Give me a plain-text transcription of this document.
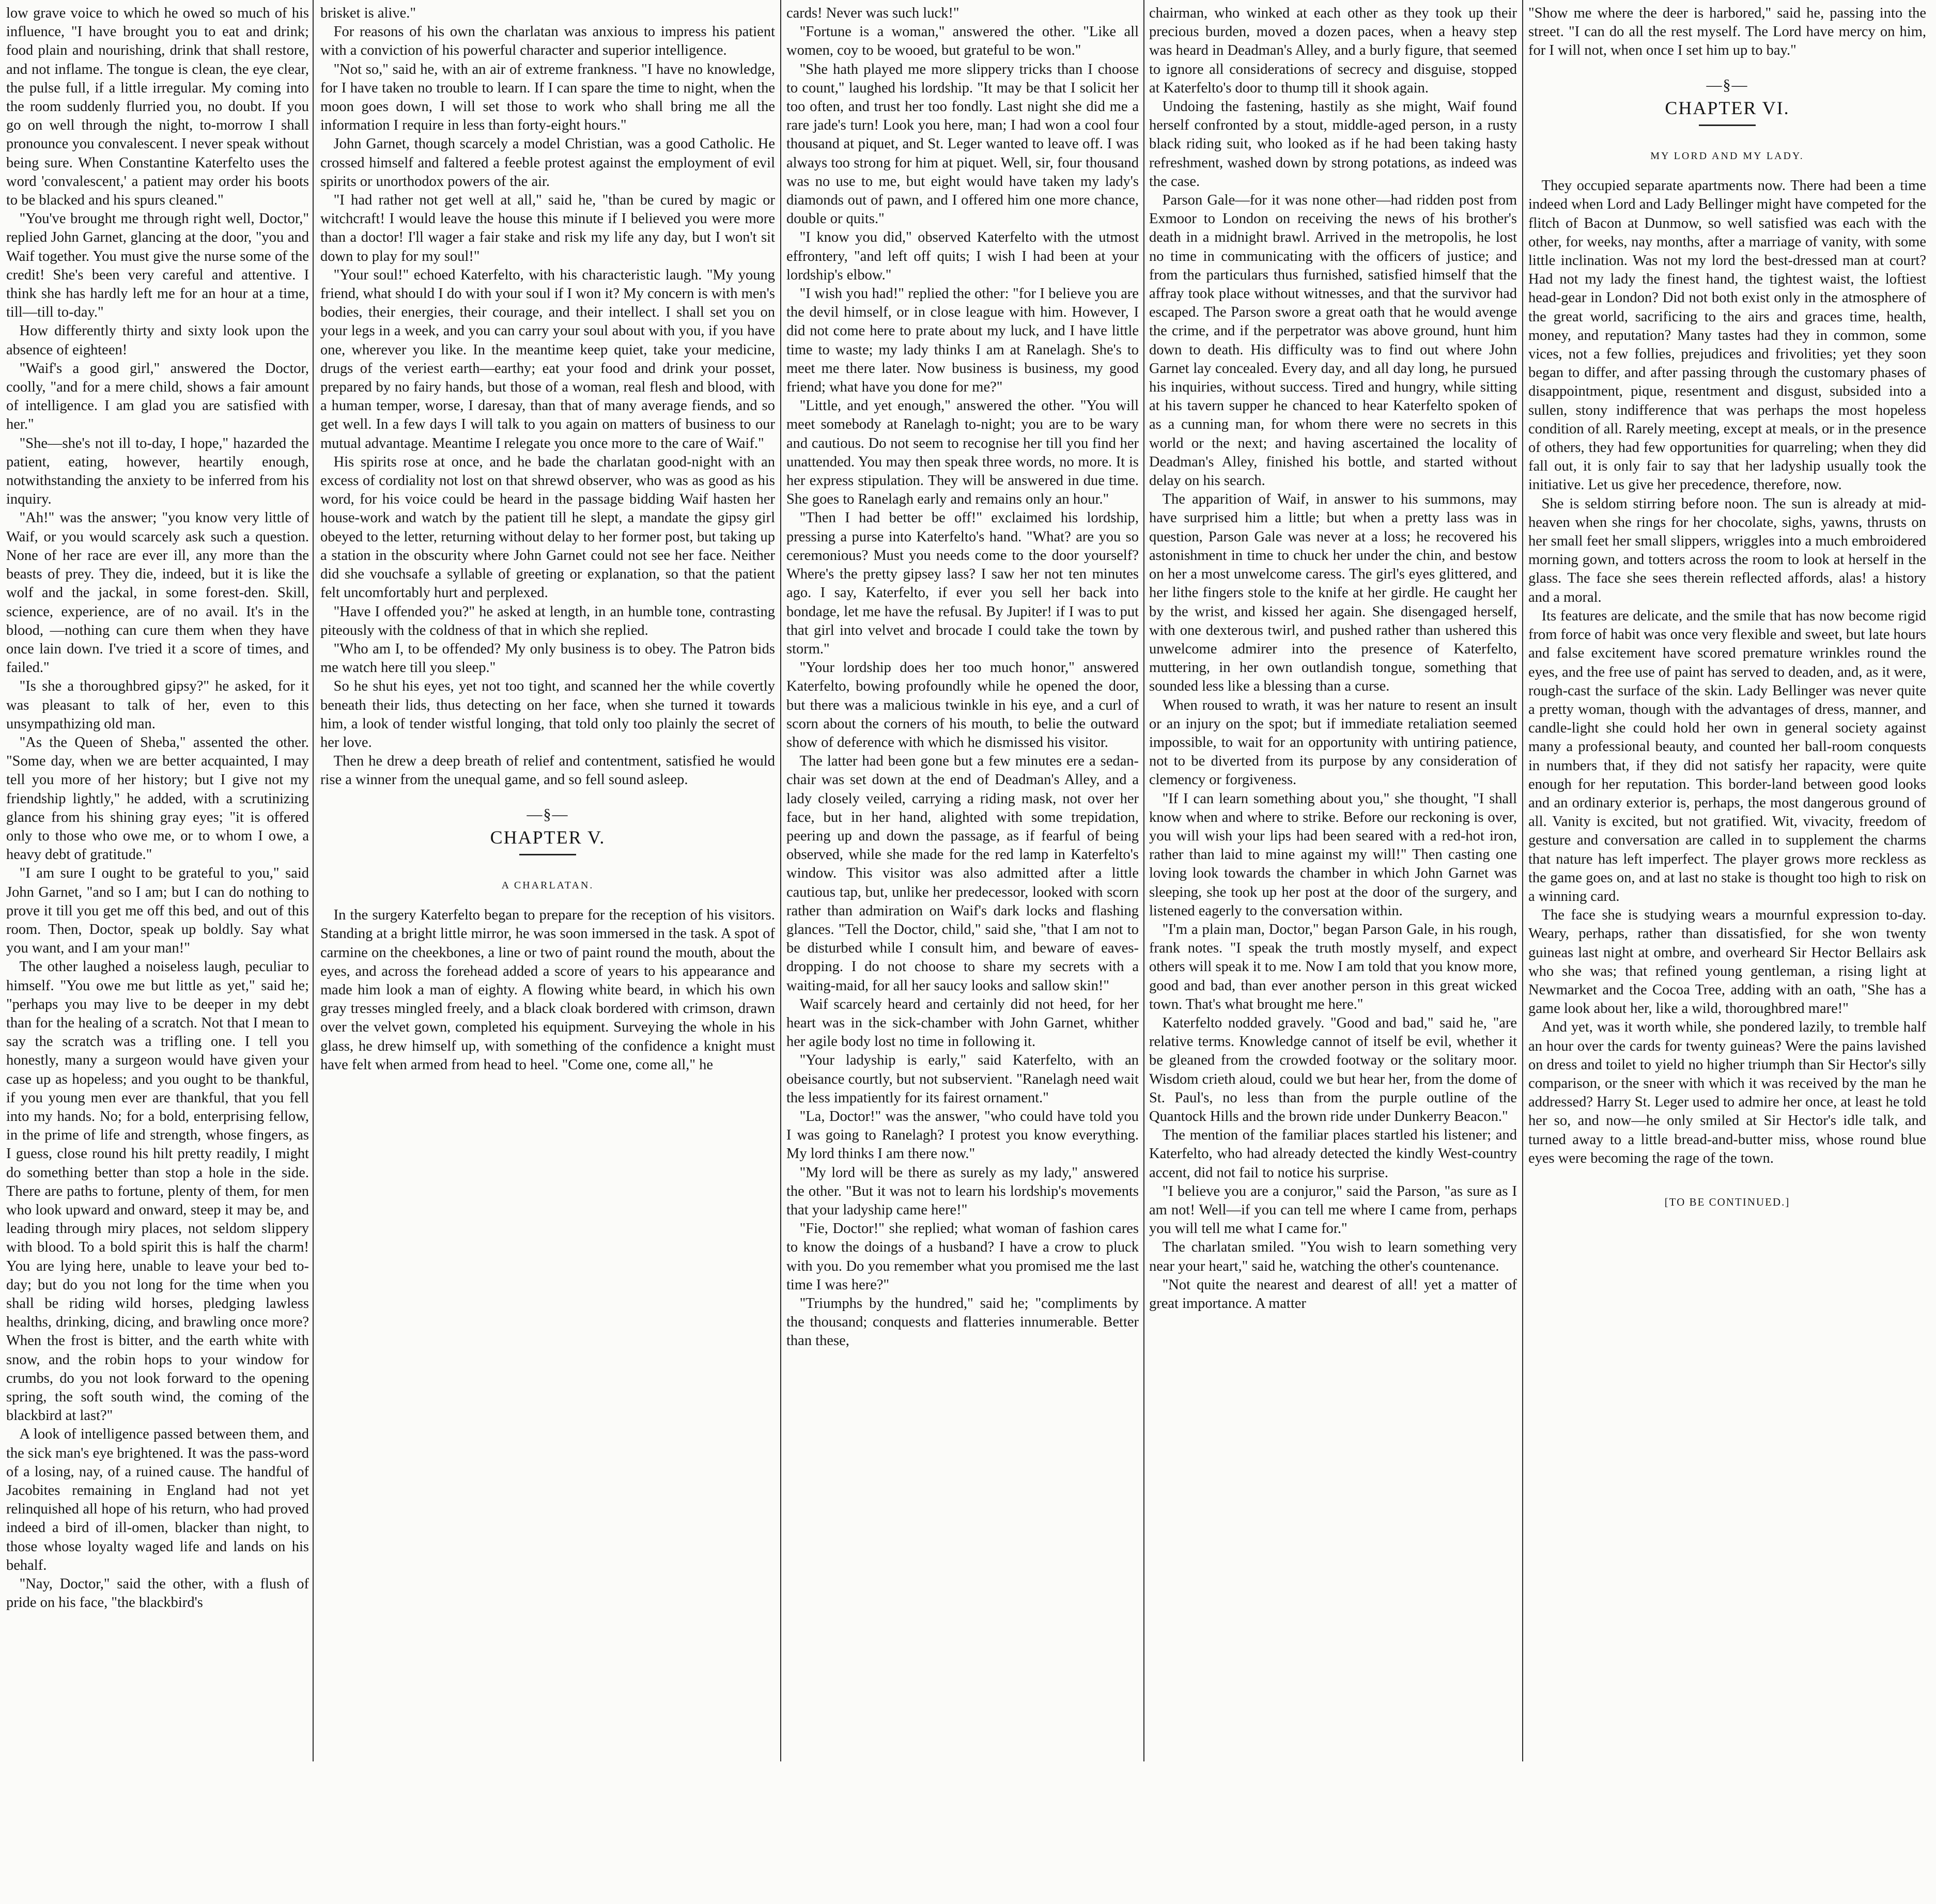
low grave voice to which he owed so much of his influence, "I have brought you to eat and drink; food plain and nourishing, drink that shall restore, and not inflame. The tongue is clean, the eye clear, the pulse full, if a little irregular. My coming into the room suddenly flurried you, no doubt. If you go on well through the night, to-morrow I shall pronounce you convalescent. I never speak without being sure. When Constantine Katerfelto uses the word 'convalescent,' a patient may order his boots to be blacked and his spurs cleaned."

"You've brought me through right well, Doctor," replied John Garnet, glancing at the door, "you and Waif together. You must give the nurse some of the credit! She's been very careful and attentive. I think she has hardly left me for an hour at a time, till—till to-day."

How differently thirty and sixty look upon the absence of eighteen!

"Waif's a good girl," answered the Doctor, coolly, "and for a mere child, shows a fair amount of intelligence. I am glad you are satisfied with her."

"She—she's not ill to-day, I hope," hazarded the patient, eating, however, heartily enough, notwithstanding the anxiety to be inferred from his inquiry.

"Ah!" was the answer; "you know very little of Waif, or you would scarcely ask such a question. None of her race are ever ill, any more than the beasts of prey. They die, indeed, but it is like the wolf and the jackal, in some forest-den. Skill, science, experience, are of no avail. It's in the blood, —nothing can cure them when they have once lain down. I've tried it a score of times, and failed."

"Is she a thoroughbred gipsy?" he asked, for it was pleasant to talk of her, even to this unsympathizing old man.

"As the Queen of Sheba," assented the other. "Some day, when we are better acquainted, I may tell you more of her history; but I give not my friendship lightly," he added, with a scrutinizing glance from his shining gray eyes; "it is offered only to those who owe me, or to whom I owe, a heavy debt of gratitude."

"I am sure I ought to be grateful to you," said John Garnet, "and so I am; but I can do nothing to prove it till you get me off this bed, and out of this room. Then, Doctor, speak up boldly. Say what you want, and I am your man!"

The other laughed a noiseless laugh, peculiar to himself. "You owe me but little as yet," said he; "perhaps you may live to be deeper in my debt than for the healing of a scratch. Not that I mean to say the scratch was a trifling one. I tell you honestly, many a surgeon would have given your case up as hopeless; and you ought to be thankful, if you young men ever are thankful, that you fell into my hands. No; for a bold, enterprising fellow, in the prime of life and strength, whose fingers, as I guess, close round his hilt pretty readily, I might do something better than stop a hole in the side. There are paths to fortune, plenty of them, for men who look upward and onward, steep it may be, and leading through miry places, not seldom slippery with blood. To a bold spirit this is half the charm! You are lying here, unable to leave your bed to-day; but do you not long for the time when you shall be riding wild horses, pledging lawless healths, drinking, dicing, and brawling once more? When the frost is bitter, and the earth white with snow, and the robin hops to your window for crumbs, do you not look forward to the opening spring, the soft south wind, the coming of the blackbird at last?"

A look of intelligence passed between them, and the sick man's eye brightened. It was the pass-word of a losing, nay, of a ruined cause. The handful of Jacobites remaining in England had not yet relinquished all hope of his return, who had proved indeed a bird of ill-omen, blacker than night, to those whose loyalty waged life and lands on his behalf.

"Nay, Doctor," said the other, with a flush of pride on his face, "the blackbird's

brisket is alive."

For reasons of his own the charlatan was anxious to impress his patient with a conviction of his powerful character and superior intelligence.

"Not so," said he, with an air of extreme frankness. "I have no knowledge, for I have taken no trouble to learn. If I can spare the time to night, when the moon goes down, I will set those to work who shall bring me all the information I require in less than forty-eight hours."

John Garnet, though scarcely a model Christian, was a good Catholic. He crossed himself and faltered a feeble protest against the employment of evil spirits or unorthodox powers of the air.

"I had rather not get well at all," said he, "than be cured by magic or witchcraft! I would leave the house this minute if I believed you were more than a doctor! I'll wager a fair stake and risk my life any day, but I won't sit down to play for my soul!"

"Your soul!" echoed Katerfelto, with his characteristic laugh. "My young friend, what should I do with your soul if I won it? My concern is with men's bodies, their energies, their courage, and their intellect. I shall set you on your legs in a week, and you can carry your soul about with you, if you have one, wherever you like. In the meantime keep quiet, take your medicine, drugs of the veriest earth—earthy; eat your food and drink your posset, prepared by no fairy hands, but those of a woman, real flesh and blood, with a human temper, worse, I daresay, than that of many average fiends, and so get well. In a few days I will talk to you again on matters of business to our mutual advantage. Meantime I relegate you once more to the care of Waif."

His spirits rose at once, and he bade the charlatan good-night with an excess of cordiality not lost on that shrewd observer, who was as good as his word, for his voice could be heard in the passage bidding Waif hasten her house-work and watch by the patient till he slept, a mandate the gipsy girl obeyed to the letter, returning without delay to her former post, but taking up a station in the obscurity where John Garnet could not see her face. Neither did she vouchsafe a syllable of greeting or explanation, so that the patient felt uncomfortably hurt and perplexed.

"Have I offended you?" he asked at length, in an humble tone, contrasting piteously with the coldness of that in which she replied.

"Who am I, to be offended? My only business is to obey. The Patron bids me watch here till you sleep."

So he shut his eyes, yet not too tight, and scanned her the while covertly beneath their lids, thus detecting on her face, when she turned it towards him, a look of tender wistful longing, that told only too plainly the secret of her love.

Then he drew a deep breath of relief and contentment, satisfied he would rise a winner from the unequal game, and so fell sound asleep.

—§—
CHAPTER V.
A CHARLATAN.

In the surgery Katerfelto began to prepare for the reception of his visitors. Standing at a bright little mirror, he was soon immersed in the task. A spot of carmine on the cheekbones, a line or two of paint round the mouth, about the eyes, and across the forehead added a score of years to his appearance and made him look a man of eighty. A flowing white beard, in which his own gray tresses mingled freely, and a black cloak bordered with crimson, drawn over the velvet gown, completed his equipment. Surveying the whole in his glass, he drew himself up, with something of the confidence a knight must have felt when armed from head to heel. "Come one, come all," he

cards! Never was such luck!"

"Fortune is a woman," answered the other. "Like all women, coy to be wooed, but grateful to be won."

"She hath played me more slippery tricks than I choose to count," laughed his lordship. "It may be that I solicit her too often, and trust her too fondly. Last night she did me a rare jade's turn! Look you here, man; I had won a cool four thousand at piquet, and St. Leger wanted to leave off. I was always too strong for him at piquet. Well, sir, four thousand was no use to me, but eight would have taken my lady's diamonds out of pawn, and I offered him one more chance, double or quits."

"I know you did," observed Katerfelto with the utmost effrontery, "and left off quits; I wish I had been at your lordship's elbow."

"I wish you had!" replied the other: "for I believe you are the devil himself, or in close league with him. However, I did not come here to prate about my luck, and I have little time to waste; my lady thinks I am at Ranelagh. She's to meet me there later. Now business is business, my good friend; what have you done for me?"

"Little, and yet enough," answered the other. "You will meet somebody at Ranelagh to-night; you are to be wary and cautious. Do not seem to recognise her till you find her unattended. You may then speak three words, no more. It is her express stipulation. They will be answered in due time. She goes to Ranelagh early and remains only an hour."

"Then I had better be off!" exclaimed his lordship, pressing a purse into Katerfelto's hand. "What? are you so ceremonious? Must you needs come to the door yourself? Where's the pretty gipsey lass? I saw her not ten minutes ago. I say, Katerfelto, if ever you sell her back into bondage, let me have the refusal. By Jupiter! if I was to put that girl into velvet and brocade I could take the town by storm."

"Your lordship does her too much honor," answered Katerfelto, bowing profoundly while he opened the door, but there was a malicious twinkle in his eye, and a curl of scorn about the corners of his mouth, to belie the outward show of deference with which he dismissed his visitor.

The latter had been gone but a few minutes ere a sedan-chair was set down at the end of Deadman's Alley, and a lady closely veiled, carrying a riding mask, not over her face, but in her hand, alighted with some trepidation, peering up and down the passage, as if fearful of being observed, while she made for the red lamp in Katerfelto's window. This visitor was also admitted after a little cautious tap, but, unlike her predecessor, looked with scorn rather than admiration on Waif's dark locks and flashing glances. "Tell the Doctor, child," said she, "that I am not to be disturbed while I consult him, and beware of eaves-dropping. I do not choose to share my secrets with a waiting-maid, for all her saucy looks and sallow skin!"

Waif scarcely heard and certainly did not heed, for her heart was in the sick-chamber with John Garnet, whither her agile body lost no time in following it.

"Your ladyship is early," said Katerfelto, with an obeisance courtly, but not subservient. "Ranelagh need wait the less impatiently for its fairest ornament."

"La, Doctor!" was the answer, "who could have told you I was going to Ranelagh? I protest you know everything. My lord thinks I am there now."

"My lord will be there as surely as my lady," answered the other. "But it was not to learn his lordship's movements that your ladyship came here!"

"Fie, Doctor!" she replied; what woman of fashion cares to know the doings of a husband? I have a crow to pluck with you. Do you remember what you promised me the last time I was here?"

"Triumphs by the hundred," said he; "compliments by the thousand; conquests and flatteries innumerable. Better than these,

chairman, who winked at each other as they took up their precious burden, moved a dozen paces, when a heavy step was heard in Deadman's Alley, and a burly figure, that seemed to ignore all considerations of secrecy and disguise, stopped at Katerfelto's door to thump till it shook again.

Undoing the fastening, hastily as she might, Waif found herself confronted by a stout, middle-aged person, in a rusty black riding suit, who looked as if he had been taking hasty refreshment, washed down by strong potations, as indeed was the case.

Parson Gale—for it was none other—had ridden post from Exmoor to London on receiving the news of his brother's death in a midnight brawl. Arrived in the metropolis, he lost no time in communicating with the officers of justice; and from the particulars thus furnished, satisfied himself that the affray took place without witnesses, and that the survivor had escaped. The Parson swore a great oath that he would avenge the crime, and if the perpetrator was above ground, hunt him down to death. His difficulty was to find out where John Garnet lay concealed. Every day, and all day long, he pursued his inquiries, without success. Tired and hungry, while sitting at his tavern supper he chanced to hear Katerfelto spoken of as a cunning man, for whom there were no secrets in this world or the next; and having ascertained the locality of Deadman's Alley, finished his bottle, and started without delay on his search.

The apparition of Waif, in answer to his summons, may have surprised him a little; but when a pretty lass was in question, Parson Gale was never at a loss; he recovered his astonishment in time to chuck her under the chin, and bestow on her a most unwelcome caress. The girl's eyes glittered, and her lithe fingers stole to the knife at her girdle. He caught her by the wrist, and kissed her again. She disengaged herself, with one dexterous twirl, and pushed rather than ushered this unwelcome admirer into the presence of Katerfelto, muttering, in her own outlandish tongue, something that sounded less like a blessing than a curse.

When roused to wrath, it was her nature to resent an insult or an injury on the spot; but if immediate retaliation seemed impossible, to wait for an opportunity with untiring patience, not to be diverted from its purpose by any consideration of clemency or forgiveness.

"If I can learn something about you," she thought, "I shall know when and where to strike. Before our reckoning is over, you will wish your lips had been seared with a red-hot iron, rather than laid to mine against my will!" Then casting one loving look towards the chamber in which John Garnet was sleeping, she took up her post at the door of the surgery, and listened eagerly to the conversation within.

"I'm a plain man, Doctor," began Parson Gale, in his rough, frank notes. "I speak the truth mostly myself, and expect others will speak it to me. Now I am told that you know more, good and bad, than ever another person in this great wicked town. That's what brought me here."

Katerfelto nodded gravely. "Good and bad," said he, "are relative terms. Knowledge cannot of itself be evil, whether it be gleaned from the crowded footway or the solitary moor. Wisdom crieth aloud, could we but hear her, from the dome of St. Paul's, no less than from the purple outline of the Quantock Hills and the brown ride under Dunkerry Beacon."

The mention of the familiar places startled his listener; and Katerfelto, who had already detected the kindly West-country accent, did not fail to notice his surprise.

"I believe you are a conjuror," said the Parson, "as sure as I am not! Well—if you can tell me where I came from, perhaps you will tell me what I came for."

The charlatan smiled. "You wish to learn something very near your heart," said he, watching the other's countenance.

"Not quite the nearest and dearest of all! yet a matter of great importance. A matter

"Show me where the deer is harbored," said he, passing into the street. "I can do all the rest myself. The Lord have mercy on him, for I will not, when once I set him up to bay."

—§—
CHAPTER VI.
MY LORD AND MY LADY.

They occupied separate apartments now. There had been a time indeed when Lord and Lady Bellinger might have competed for the flitch of Bacon at Dunmow, so well satisfied was each with the other, for weeks, nay months, after a marriage of vanity, with some little inclination. Was not my lord the best-dressed man at court? Had not my lady the finest hand, the tightest waist, the loftiest head-gear in London? Did not both exist only in the atmosphere of the great world, sacrificing to the airs and graces time, health, money, and reputation? Many tastes had they in common, some vices, not a few follies, prejudices and frivolities; yet they soon began to differ, and after passing through the customary phases of disappointment, pique, resentment and disgust, subsided into a sullen, stony indifference that was perhaps the most hopeless condition of all. Rarely meeting, except at meals, or in the presence of others, they had few opportunities for quarreling; when they did fall out, it is only fair to say that her ladyship usually took the initiative. Let us give her precedence, therefore, now.

She is seldom stirring before noon. The sun is already at mid-heaven when she rings for her chocolate, sighs, yawns, thrusts on her small feet her small slippers, wriggles into a much embroidered morning gown, and totters across the room to look at herself in the glass. The face she sees therein reflected affords, alas! a history and a moral.

Its features are delicate, and the smile that has now become rigid from force of habit was once very flexible and sweet, but late hours and false excitement have scored premature wrinkles round the eyes, and the free use of paint has served to deaden, and, as it were, rough-cast the surface of the skin. Lady Bellinger was never quite a pretty woman, though with the advantages of dress, manner, and candle-light she could hold her own in general society against many a professional beauty, and counted her ball-room conquests in numbers that, if they did not satisfy her rapacity, were quite enough for her reputation. This border-land between good looks and an ordinary exterior is, perhaps, the most dangerous ground of all. Vanity is excited, but not gratified. Wit, vivacity, freedom of gesture and conversation are called in to supplement the charms that nature has left imperfect. The player grows more reckless as the game goes on, and at last no stake is thought too high to risk on a winning card.

The face she is studying wears a mournful expression to-day. Weary, perhaps, rather than dissatisfied, for she won twenty guineas last night at ombre, and overheard Sir Hector Bellairs ask who she was; that refined young gentleman, a rising light at Newmarket and the Cocoa Tree, adding with an oath, "She has a game look about her, like a wild, thoroughbred mare!"

And yet, was it worth while, she pondered lazily, to tremble half an hour over the cards for twenty guineas? Were the pains lavished on dress and toilet to yield no higher triumph than Sir Hector's silly comparison, or the sneer with which it was received by the man he addressed? Harry St. Leger used to admire her once, at least he told her so, and now—he only smiled at Sir Hector's idle talk, and turned away to a little bread-and-butter miss, whose round blue eyes were becoming the rage of the town.

[TO BE CONTINUED.]
